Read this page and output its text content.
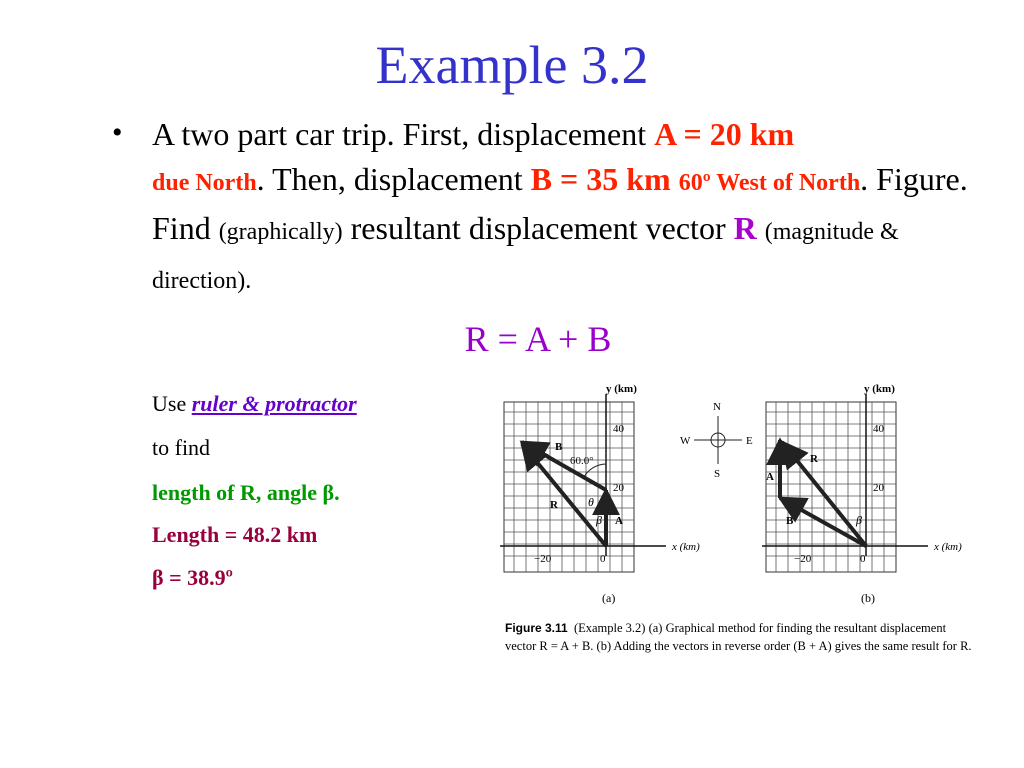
Example 3.2
• A two part car trip. First, displacement A = 20 km
due North. Then, displacement B = 35 km 60º West of North. Figure. Find (graphically) resultant displacement vector R (magnitude & direction).
R = A + B
Use ruler & protractor
to find
length of R, angle β.
Length = 48.2 km
β = 38.9º
y (km)
x (km)
40
20
0
−20
60.0°
θ
β
B
R
A
(a)
N
S
W	E
y (km)
x (km)
40
20
0
−20
R
A
B	β
(b)
Figure 3.11 (Example 3.2) (a) Graphical method for finding the resultant displacement vector R = A + B. (b) Adding the vectors in reverse order (B + A) gives the same result for R.
